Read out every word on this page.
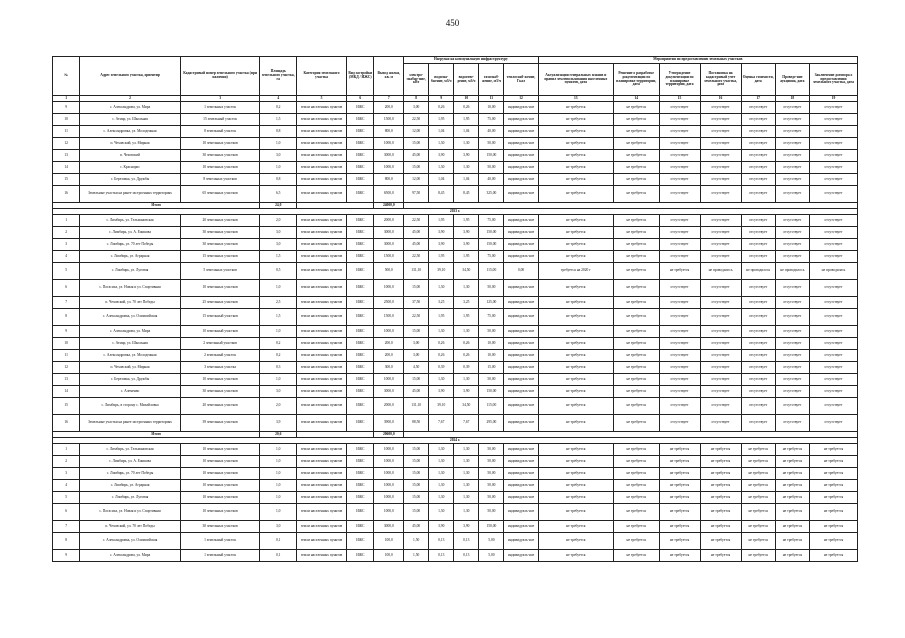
450
№	Адрес земельного участка, ориентир	Кадастровый номер земельного участка (при наличии)	Площадь земельного участка, га	Категория земельного участка	Вид застройки (МКД / ИЖС)	Выход жилья, кв. м	Нагрузки на коммунальную инфраструктуру					Мероприятия по предоставлению земельных участков						
							электро-снабже-ние, кВт	водосна-бжение, м3/ч	водоотве-дение, м3/ч	газоснаб-жение, м3/ч	теплоснаб-жение, Гкал	Актуализация генеральных планов и правил землепользования населенных пунктов, дата	Решение о разработке документации по планировке территории, дата	Утверждение документации по планировке территории, дата	Постановка на кадастровый учет земельного участка, дата	Оценка стоимости, дата	Проведе-ние аукциона, дата	Заключение договора о предоставлении земельного участка, дата
1	2	3	4	5	6	7	8	9	10	11	12	13	14	15	16	17	18	19
9	с. Александрова, ул. Мира	1 земельных участок	0,2	земли населенных пунктов	ИЖС	200,0	3,00	0,26	0,26	10,00	индивидуаль-ное	не требуется	не требуется	отсутствует	отсутствует	отсутствует	отсутствует	отсутствует
10	с. Атмар, ул. Школьная	15 земельный участок	1,5	земли населенных пунктов	ИЖС	1500,0	22,50	1,95	1,95	75,00	индивидуаль-ное	не требуется	не требуется	отсутствует	отсутствует	отсутствует	отсутствует	отсутствует
11	с. Александровка, ул. Молодежная	8 земельный участок	0,8	земли населенных пунктов	ИЖС	800,0	12,00	1,04	1,04	40,00	индивидуаль-ное	не требуется	не требуется	отсутствует	отсутствует	отсутствует	отсутствует	отсутствует
12	п. Чеховский, ул. Мирная	10 земельных участков	1,0	земли населенных пунктов	ИЖС	1000,0	15,00	1,30	1,30	50,00	индивидуаль-ное	не требуется	не требуется	отсутствует	отсутствует	отсутствует	отсутствует	отсутствует
13	п. Чеховский	30 земельных участков	3,0	земли населенных пунктов	ИЖС	3000,0	45,00	3,90	3,90	150,00	индивидуаль-ное	не требуется	не требуется	отсутствует	отсутствует	отсутствует	отсутствует	отсутствует
14	с. Краснорис	10 земельных участков	1,0	земли населенных пунктов	ИЖС	1000,0	15,00	1,30	1,30	50,00	индивидуаль-ное	не требуется	не требуется	отсутствует	отсутствует	отсутствует	отсутствует	отсутствует
15	с. Березовка, ул. Дружбы	8 земельных участков	0,8	земли населенных пунктов	ИЖС	800,0	12,00	1,04	1,04	40,00	индивидуаль-ное	не требуется	не требуется	отсутствует	отсутствует	отсутствует	отсутствует	отсутствует
16	Земельные участки на ранее застроенных территориях	65 земельных участков	6,5	земли населенных пунктов	ИЖС	6500,0	97,50	8,45	8,45	325,00	индивидуаль-ное	не требуется	не требуется	отсутствует	отсутствует	отсутствует	отсутствует	отсутствует
Итого			24,0			24000,0												
2023 г.																		
1	с. Лимбирь, ул. Тельмановская	20 земельных участков	2,0	земли населенных пунктов	ИЖС	2000,0	22,50	1,95	1,95	75,00	индивидуаль-ное	не требуется	не требуется	отсутствует	отсутствует	отсутствует	отсутствует	отсутствует
2	с. Лимбирь, ул. А. Ежикова	30 земельных участков	3,0	земли населенных пунктов	ИЖС	3000,0	45,00	3,90	3,90	150,00	индивидуаль-ное	не требуется	не требуется	отсутствует	отсутствует	отсутствует	отсутствует	отсутствует
3	с. Лимбирь, ул. 70 лет Победы	30 земельных участков	3,0	земли населенных пунктов	ИЖС	3000,0	45,00	3,90	3,90	150,00	индивидуаль-ное	не требуется	не требуется	отсутствует	отсутствует	отсутствует	отсутствует	отсутствует
4	с. Лимбирь, ул. Аграрная	15 земельных участков	1,5	земли населенных пунктов	ИЖС	1500,0	22,50	1,95	1,95	75,00	индивидуаль-ное	не требуется	не требуется	отсутствует	отсутствует	отсутствует	отсутствует	отсутствует
5	с. Лимбирь, ул. Луговая	5 земельных участков	0,5	земли населенных пунктов	ИЖС	500,0	131,10	39,10	34,50	115,00	0,00	требуется на 2020 г	не требуется	не требуется	не проводилось	не проводилось	не проводилось	не проводилась
6	с. Погасиха, ул. Новая и ул. Спортивная	10 земельных участков	1,0	земли населенных пунктов	ИЖС	1000,0	15,00	1,30	1,30	50,00	индивидуаль-ное	не требуется	не требуется	отсутствует	отсутствует	отсутствует	отсутствует	отсутствует
7	п. Чеховский, ул. 70 лет Победы	25 земельных участков	2,5	земли населенных пунктов	ИЖС	2500,0	37,50	3,25	3,25	125,00	индивидуаль-ное	не требуется	не требуется	отсутствует	отсутствует	отсутствует	отсутствует	отсутствует
8	с. Александровка, ул. Олимпийская	15 земельный участков	1,5	земли населенных пунктов	ИЖС	1500,0	22,50	1,95	1,95	75,00	индивидуаль-ное	не требуется	не требуется	отсутствует	отсутствует	отсутствует	отсутствует	отсутствует
9	с. Александрова, ул. Мира	10 земельный участков	1,0	земли населенных пунктов	ИЖС	1000,0	15,00	1,30	1,30	50,00	индивидуаль-ное	не требуется	не требуется	отсутствует	отсутствует	отсутствует	отсутствует	отсутствует
10	с. Атмар, ул. Школьная	2 земельный участков	0,2	земли населенных пунктов	ИЖС	200,0	3,00	0,26	0,26	10,00	индивидуаль-ное	не требуется	не требуется	отсутствует	отсутствует	отсутствует	отсутствует	отсутствует
11	с. Александровка, ул. Молодежная	2 земельный участок	0,2	земли населенных пунктов	ИЖС	200,0	3,00	0,26	0,26	10,00	индивидуаль-ное	не требуется	не требуется	отсутствует	отсутствует	отсутствует	отсутствует	отсутствует
12	п. Чеховский, ул. Мирная	3 земельных участка	0,3	земли населенных пунктов	ИЖС	300,0	4,50	0,39	0,39	15,00	индивидуаль-ное	не требуется	не требуется	отсутствует	отсутствует	отсутствует	отсутствует	отсутствует
13	с. Березовка, ул. Дружбы	10 земельных участков	1,0	земли населенных пунктов	ИЖС	1000,0	15,00	1,30	1,30	50,00	индивидуаль-ное	не требуется	не требуется	отсутствует	отсутствует	отсутствует	отсутствует	отсутствует
14	с. Алеменво	30 земельных участков	3,0	земли населенных пунктов	ИЖС	3000,0	45,00	3,90	3,90	150,00	индивидуаль-ное	не требуется	не требуется	отсутствует	отсутствует	отсутствует	отсутствует	отсутствует
15	с. Лимбирь, в сторону с. Михайловка	20 земельных участков	2,0	земли населенных пунктов	ИЖС	2000,0	131,10	39,10	34,50	115,00	индивидуаль-ное	не требуется	не требуется	отсутствует	отсутствует	отсутствует	отсутствует	отсутствует
16	Земельные участки на ранее застроенных территориях	39 земельных участков	3,9	земли населенных пунктов	ИЖС	3900,0	88,50	7,67	7,67	295,00	индивидуаль-ное	не требуется	не требуется	отсутствует	отсутствует	отсутствует	отсутствует	отсутствует
Итого			20,6			20600,0												
2024 г.																		
1	с. Лимбирь, ул. Тельмановская	10 земельных участков	1,0	земли населенных пунктов	ИЖС	1000,0	15,00	1,30	1,30	50,00	индивидуаль-ное	не требуется	не требуется	не требуется	не требуется	не требуется	не требуется	не требуется
2	с. Лимбирь, ул. А. Ежикова	10 земельных участков	1,0	земли населенных пунктов	ИЖС	1000,0	15,00	1,30	1,30	50,00	индивидуаль-ное	не требуется	не требуется	не требуется	не требуется	не требуется	не требуется	не требуется
3	с. Лимбирь, ул. 70 лет Победы	10 земельных участков	1,0	земли населенных пунктов	ИЖС	1000,0	15,00	1,30	1,30	50,00	индивидуаль-ное	не требуется	не требуется	не требуется	не требуется	не требуется	не требуется	не требуется
4	с. Лимбирь, ул. Аграрная	10 земельных участков	1,0	земли населенных пунктов	ИЖС	1000,0	15,00	1,30	1,30	50,00	индивидуаль-ное	не требуется	не требуется	не требуется	не требуется	не требуется	не требуется	не требуется
5	с. Лимбирь, ул. Луговая	10 земельных участков	1,0	земли населенных пунктов	ИЖС	1000,0	15,00	1,30	1,30	50,00	индивидуаль-ное	не требуется	не требуется	не требуется	не требуется	не требуется	не требуется	не требуется
6	с. Погасиха, ул. Новая и ул. Спортивная	10 земельных участков	1,0	земли населенных пунктов	ИЖС	1000,0	15,00	1,30	1,30	50,00	индивидуаль-ное	не требуется	не требуется	не требуется	не требуется	не требуется	не требуется	не требуется
7	п. Чеховский, ул. 70 лет Победы	30 земельных участков	3,0	земли населенных пунктов	ИЖС	3000,0	45,00	3,90	3,90	150,00	индивидуаль-ное	не требуется	не требуется	не требуется	не требуется	не требуется	не требуется	не требуется
8	с. Александровка, ул. Олимпийская	1 земельный участок	0,1	земли населенных пунктов	ИЖС	100,0	1,50	0,13	0,13	5,00	индивидуаль-ное	не требуется	не требуется	не требуется	не требуется	не требуется	не требуется	не требуется
9	с. Александрова, ул. Мира	1 земельный участок	0,1	земли населенных пунктов	ИЖС	100,0	1,50	0,13	0,13	5,00	индивидуаль-ное	не требуется	не требуется	не требуется	не требуется	не требуется	не требуется	не требуется
